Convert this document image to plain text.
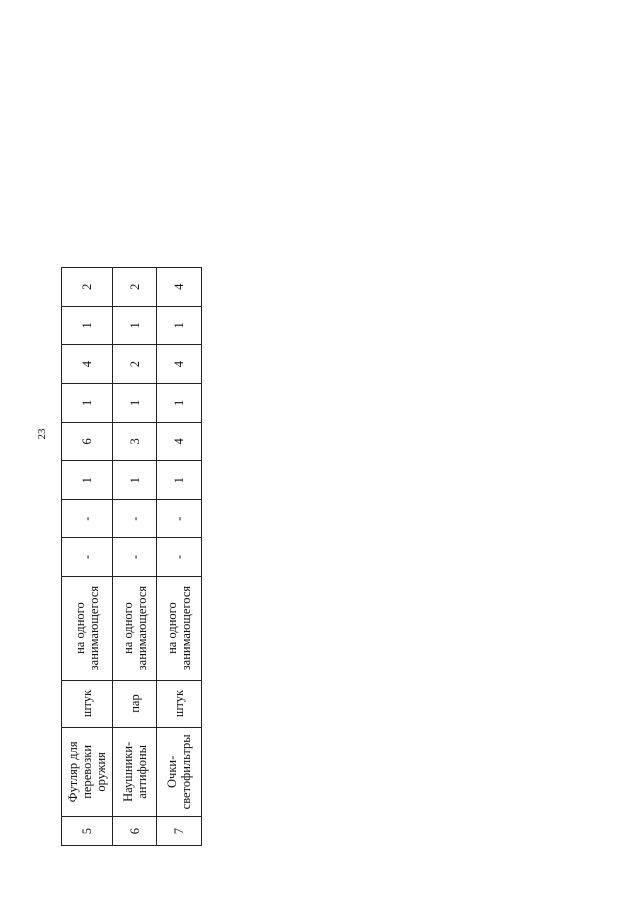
23
5	Футляр для перевозки оружия	штук	на одного занимающегося	-	-	1	6	1	4	1	2
6	Наушники-антифоны	пар	на одного занимающегося	-	-	1	3	1	2	1	2
7	Очки-светофильтры	штук	на одного занимающегося	-	-	1	4	1	4	1	4
